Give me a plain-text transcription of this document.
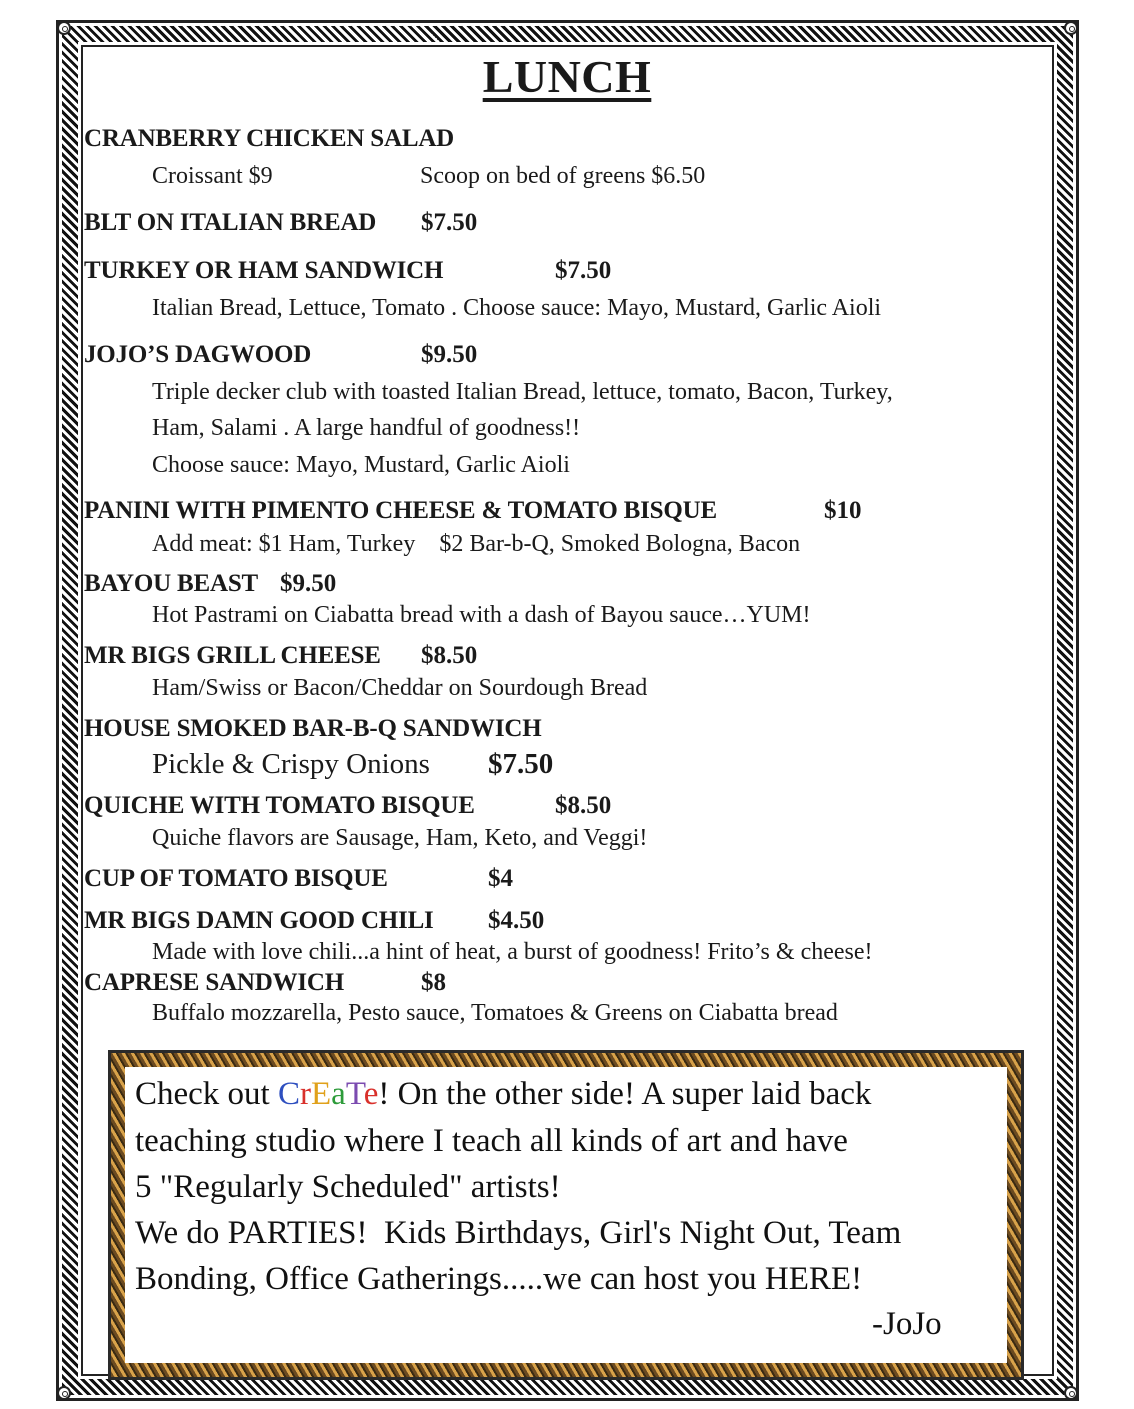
LUNCH
CRANBERRY CHICKEN SALAD
Croissant $9	Scoop on bed of greens $6.50
BLT ON ITALIAN BREAD $7.50
TURKEY OR HAM SANDWICH	$7.50
Italian Bread, Lettuce, Tomato . Choose sauce: Mayo, Mustard, Garlic Aioli
JOJO’S DAGWOOD	$9.50
Triple decker club with toasted Italian Bread, lettuce, tomato, Bacon, Turkey,
Ham, Salami . A large handful of goodness!!
Choose sauce: Mayo, Mustard, Garlic Aioli
PANINI WITH PIMENTO CHEESE & TOMATO BISQUE	$10
Add meat: $1 Ham, Turkey    $2 Bar-b-Q, Smoked Bologna, Bacon
BAYOU BEAST $9.50
Hot Pastrami on Ciabatta bread with a dash of Bayou sauce…YUM!
MR BIGS GRILL CHEESE $8.50
Ham/Swiss or Bacon/Cheddar on Sourdough Bread
HOUSE SMOKED BAR-B-Q SANDWICH
Pickle & Crispy Onions $7.50
QUICHE WITH TOMATO BISQUE	$8.50
Quiche flavors are Sausage, Ham, Keto, and Veggi!
CUP OF TOMATO BISQUE	$4
MR BIGS DAMN GOOD CHILI $4.50
Made with love chili...a hint of heat, a burst of goodness! Frito’s & cheese!
CAPRESE SANDWICH	$8
Buffalo mozzarella, Pesto sauce, Tomatoes & Greens on Ciabatta bread
Check out CrEaTe! On the other side! A super laid back
teaching studio where I teach all kinds of art and have
5 "Regularly Scheduled" artists!
We do PARTIES!  Kids Birthdays, Girl's Night Out, Team
Bonding, Office Gatherings.....we can host you HERE!
-JoJo
